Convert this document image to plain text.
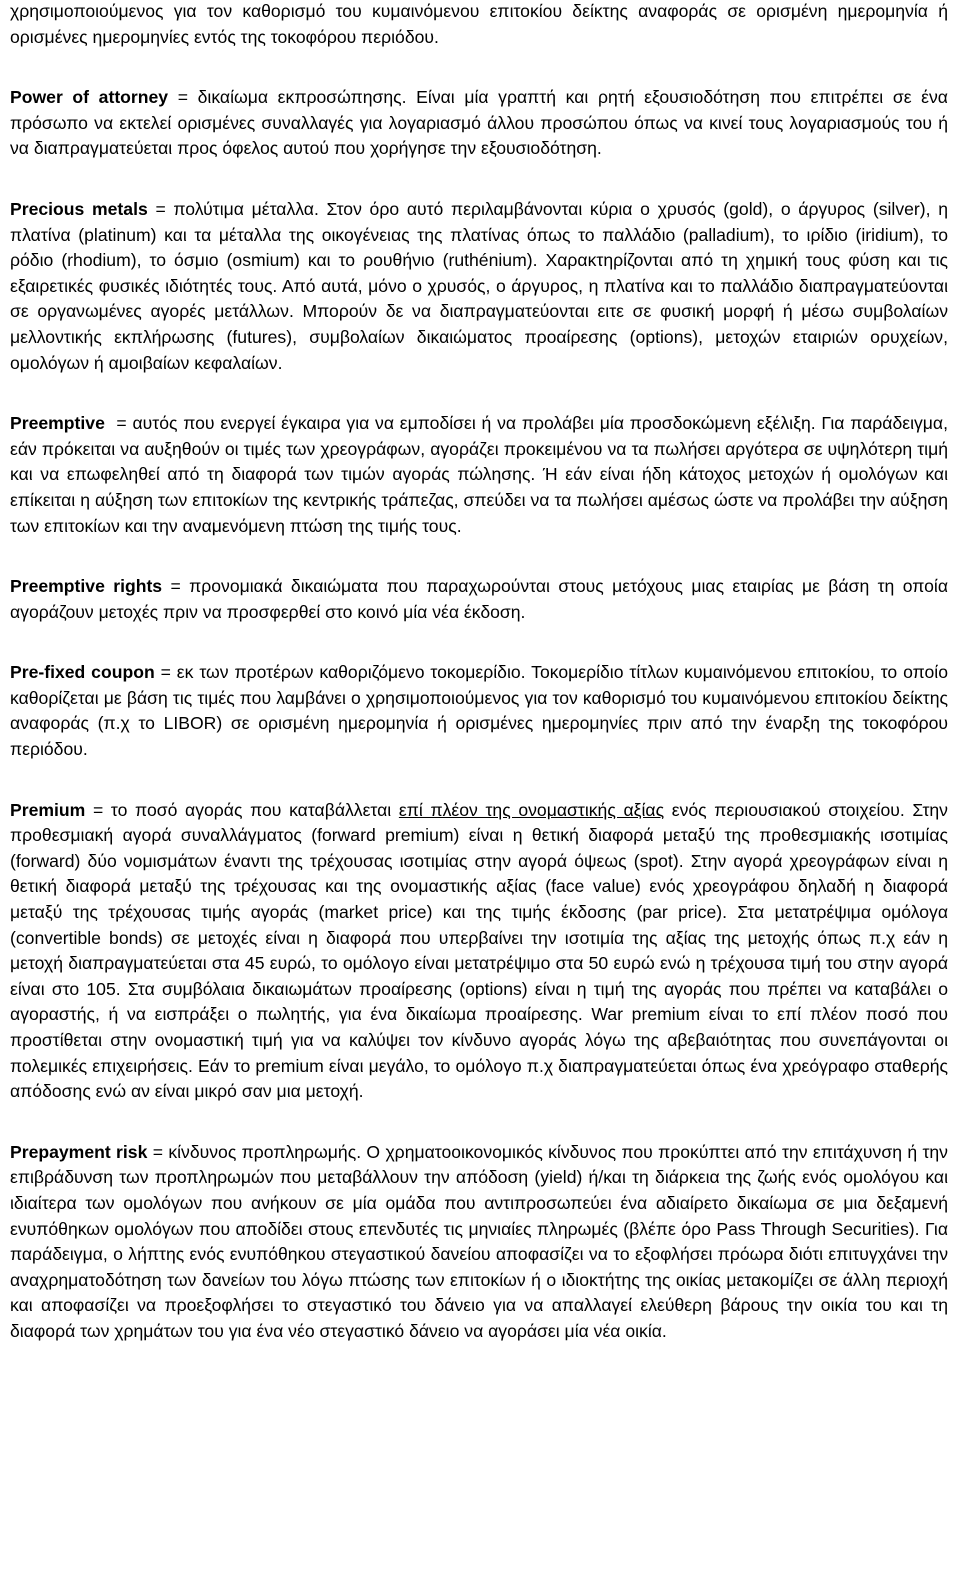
χρησιμοποιούμενος για τον καθορισμό του κυμαινόμενου επιτοκίου δείκτης αναφοράς σε ορισμένη ημερομηνία ή ορισμένες ημερομηνίες εντός της τοκοφόρου περιόδου.

Power of attorney = δικαίωμα εκπροσώπησης. Είναι μία γραπτή και ρητή εξουσιοδότηση που επιτρέπει σε ένα πρόσωπο να εκτελεί ορισμένες συναλλαγές για λογαριασμό άλλου προσώπου όπως να κινεί τους λογαριασμούς του ή να διαπραγματεύεται προς όφελος αυτού που χορήγησε την εξουσιοδότηση.

Precious metals = πολύτιμα μέταλλα. Στον όρο αυτό περιλαμβάνονται κύρια ο χρυσός (gold), ο άργυρος (silver), η πλατίνα (platinum) και τα μέταλλα της οικογένειας της πλατίνας όπως το παλλάδιο (palladium), το ιρίδιο (iridium), το ρόδιο (rhodium), το όσμιο (osmium) και το ρουθήνιο (ruthénium). Χαρακτηρίζονται από τη χημική τους φύση και τις εξαιρετικές φυσικές ιδιότητές τους. Από αυτά, μόνο ο χρυσός, ο άργυρος, η πλατίνα και το παλλάδιο διαπραγματεύονται σε οργανωμένες αγορές μετάλλων. Μπορούν δε να διαπραγματεύονται ειτε σε φυσική μορφή ή μέσω συμβολαίων μελλοντικής εκπλήρωσης (futures), συμβολαίων δικαιώματος προαίρεσης (options), μετοχών εταιριών ορυχείων, ομολόγων ή αμοιβαίων κεφαλαίων.

Preemptive  = αυτός που ενεργεί έγκαιρα για να εμποδίσει ή να προλάβει μία προσδοκώμενη εξέλιξη. Για παράδειγμα, εάν πρόκειται να αυξηθούν οι τιμές των χρεογράφων, αγοράζει προκειμένου να τα πωλήσει αργότερα σε υψηλότερη τιμή και να επωφεληθεί από τη διαφορά των τιμών αγοράς πώλησης. Ή εάν είναι ήδη κάτοχος μετοχών ή ομολόγων και επίκειται η αύξηση των επιτοκίων της κεντρικής τράπεζας, σπεύδει να τα πωλήσει αμέσως ώστε να προλάβει την αύξηση των επιτοκίων και την αναμενόμενη πτώση της τιμής τους.

Preemptive rights = προνομιακά δικαιώματα που παραχωρούνται στους μετόχους μιας εταιρίας με βάση τη οποία αγοράζουν μετοχές πριν να προσφερθεί στο κοινό μία νέα έκδοση.

Pre-fixed coupon = εκ των προτέρων καθοριζόμενο τοκομερίδιο. Τοκομερίδιο τίτλων κυμαινόμενου επιτοκίου, το οποίο καθορίζεται με βάση τις τιμές που λαμβάνει ο χρησιμοποιούμενος για τον καθορισμό του κυμαινόμενου επιτοκίου δείκτης αναφοράς (π.χ το LIBOR) σε ορισμένη ημερομηνία ή ορισμένες ημερομηνίες πριν από την έναρξη της τοκοφόρου περιόδου.

Premium = το ποσό αγοράς που καταβάλλεται επί πλέον της ονομαστικής αξίας ενός περιουσιακού στοιχείου. Στην προθεσμιακή αγορά συναλλάγματος (forward premium) είναι η θετική διαφορά μεταξύ της προθεσμιακής ισοτιμίας (forward) δύο νομισμάτων έναντι της τρέχουσας ισοτιμίας στην αγορά όψεως (spot). Στην αγορά χρεογράφων είναι η θετική διαφορά μεταξύ της τρέχουσας και της ονομαστικής αξίας (face value) ενός χρεογράφου δηλαδή η διαφορά μεταξύ της τρέχουσας τιμής αγοράς (market price) και της τιμής έκδοσης (par price). Στα μετατρέψιμα ομόλογα (convertible bonds) σε μετοχές είναι η διαφορά που υπερβαίνει την ισοτιμία της αξίας της μετοχής όπως π.χ εάν η μετοχή διαπραγματεύεται στα 45 ευρώ, το ομόλογο είναι μετατρέψιμο στα 50 ευρώ ενώ η τρέχουσα τιμή του στην αγορά είναι στο 105. Στα συμβόλαια δικαιωμάτων προαίρεσης (options) είναι η τιμή της αγοράς που πρέπει να καταβάλει ο αγοραστής, ή να εισπράξει ο πωλητής, για ένα δικαίωμα προαίρεσης. War premium είναι το επί πλέον ποσό που προστίθεται στην ονομαστική τιμή για να καλύψει τον κίνδυνο αγοράς λόγω της αβεβαιότητας που συνεπάγονται οι πολεμικές επιχειρήσεις. Εάν το premium είναι μεγάλο, το ομόλογο π.χ διαπραγματεύεται όπως ένα χρεόγραφο σταθερής απόδοσης ενώ αν είναι μικρό σαν μια μετοχή.

Prepayment risk = κίνδυνος προπληρωμής. Ο χρηματοοικονομικός κίνδυνος που προκύπτει από την επιτάχυνση ή την επιβράδυνση των προπληρωμών που μεταβάλλουν την απόδοση (yield) ή/και τη διάρκεια της ζωής ενός ομολόγου και ιδιαίτερα των ομολόγων που ανήκουν σε μία ομάδα που αντιπροσωπεύει ένα αδιαίρετο δικαίωμα σε μια δεξαμενή ενυπόθηκων ομολόγων που αποδίδει στους επενδυτές τις μηνιαίες πληρωμές (βλέπε όρο Pass Through Securities). Για παράδειγμα, ο λήπτης ενός ενυπόθηκου στεγαστικού δανείου αποφασίζει να το εξοφλήσει πρόωρα διότι επιτυγχάνει την αναχρηματοδότηση των δανείων του λόγω πτώσης των επιτοκίων ή ο ιδιοκτήτης της οικίας μετακομίζει σε άλλη περιοχή και αποφασίζει να προεξοφλήσει το στεγαστικό του δάνειο για να απαλλαγεί ελεύθερη βάρους την οικία του και τη διαφορά των χρημάτων του για ένα νέο στεγαστικό δάνειο να αγοράσει μία νέα οικία.
